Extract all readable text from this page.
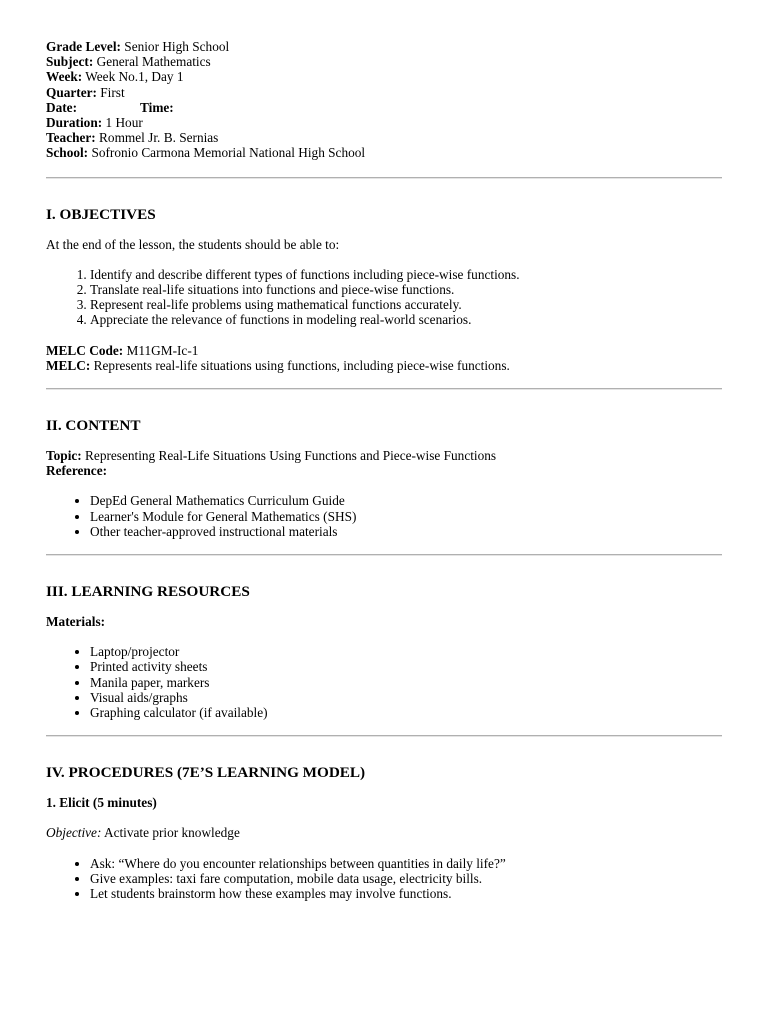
Grade Level: Senior High School

Subject: General Mathematics

Week: Week No.1, Day 1

Quarter: First

Date:	Time:

Duration: 1 Hour

Teacher: Rommel Jr. B. Sernias

School: Sofronio Carmona Memorial National High School

I. OBJECTIVES

At the end of the lesson, the students should be able to:

1. Identify and describe different types of functions including piece-wise functions.
2. Translate real-life situations into functions and piece-wise functions.
3. Represent real-life problems using mathematical functions accurately.
4. Appreciate the relevance of functions in modeling real-world scenarios.

MELC Code: M11GM-Ic-1

MELC: Represents real-life situations using functions, including piece-wise functions.

II. CONTENT

Topic: Representing Real-Life Situations Using Functions and Piece-wise Functions

Reference:

• DepEd General Mathematics Curriculum Guide
• Learner's Module for General Mathematics (SHS)
• Other teacher-approved instructional materials

III. LEARNING RESOURCES

Materials:

• Laptop/projector
• Printed activity sheets
• Manila paper, markers
• Visual aids/graphs
• Graphing calculator (if available)

IV. PROCEDURES (7E’S LEARNING MODEL)

1. Elicit (5 minutes)

Objective: Activate prior knowledge

• Ask: “Where do you encounter relationships between quantities in daily life?”
• Give examples: taxi fare computation, mobile data usage, electricity bills.
• Let students brainstorm how these examples may involve functions.
